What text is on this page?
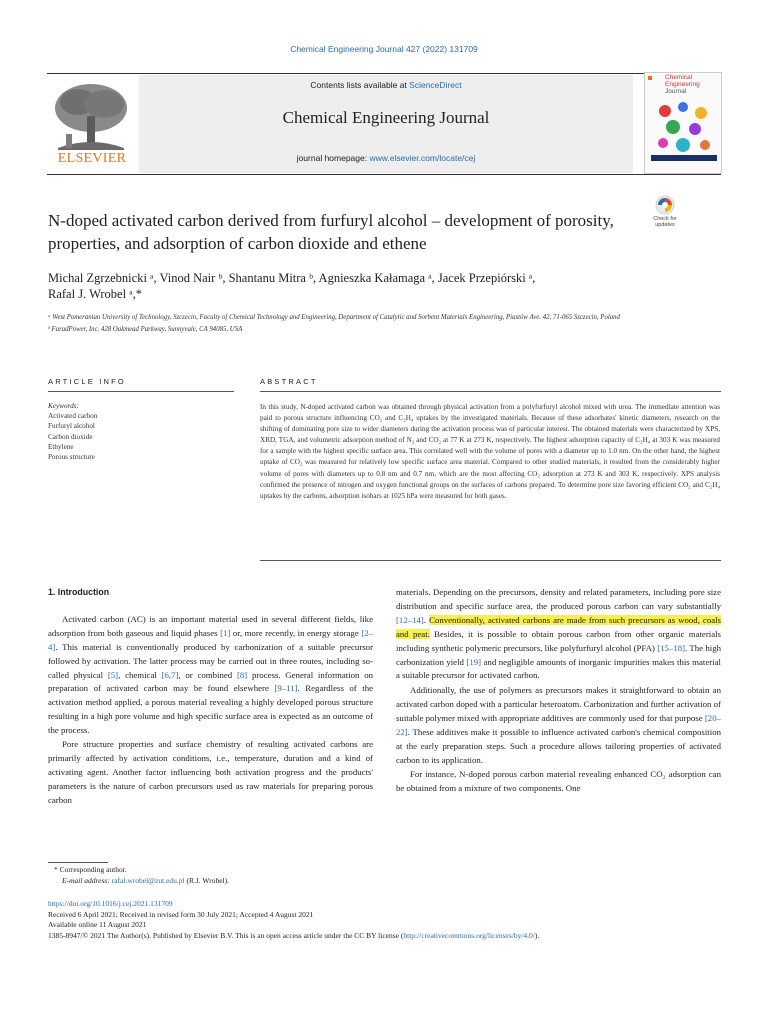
Chemical Engineering Journal 427 (2022) 131709
ELSEVIER
Contents lists available at ScienceDirect
Chemical Engineering Journal
journal homepage: www.elsevier.com/locate/cej
Chemical
Engineering
Journal
N-doped activated carbon derived from furfuryl alcohol – development of porosity, properties, and adsorption of carbon dioxide and ethene
Check for
updates
Michal Zgrzebnicki ᵃ, Vinod Nair ᵇ, Shantanu Mitra ᵇ, Agnieszka Kałamaga ᵃ, Jacek Przepiórski ᵃ,
Rafal J. Wrobel ᵃ,*
ᵃ West Pomeranian University of Technology, Szczecin, Faculty of Chemical Technology and Engineering, Department of Catalytic and Sorbent Materials Engineering, Piastów Ave. 42, 71-065 Szczecin, Poland
ᵇ FaradPower, Inc. 428 Oakmead Parkway, Sunnyvale, CA 94085, USA
ARTICLE INFO	ABSTRACT
Keywords:
Activated carbon
Furfuryl alcohol
Carbon dioxide
Ethylene
Porous structure
In this study, N-doped activated carbon was obtained through physical activation from a polyfurfuryl alcohol mixed with urea. The immediate attention was paid to porous structure influencing CO₂ and C₂H₄ uptakes by the investigated materials. Because of these adsorbates' kinetic diameters, research on the shifting of dominating pore size to wider diameters during the activation process was of particular interest. The obtained materials were characterized by XPS, XRD, TGA, and volumetric adsorption method of N₂ and CO₂ at 77 K at 273 K, respectively. The highest adsorption capacity of C₂H₄ at 303 K was measured for a sample with the highest specific surface area. This correlated well with the volume of pores with a diameter up to 1.0 nm. On the other hand, the highest uptake of CO₂ was measured for relatively low specific surface area material. Compared to other studied materials, it resulted from the considerably higher volume of pores with diameters up to 0.8 nm and 0.7 nm, which are the most affecting CO₂ adsorption at 273 K and 303 K, respectively. XPS analysis confirmed the presence of nitrogen and oxygen functional groups on the surfaces of carbons prepared. To determine pore size favoring efficient CO₂ and C₂H₄ uptakes by the carbons, adsorption isobars at 1025 hPa were measured for both gases.
1. Introduction

Activated carbon (AC) is an important material used in several different fields, like adsorption from both gaseous and liquid phases [1] or, more recently, in energy storage [2–4]. This material is conventionally produced by carbonization of a suitable precursor followed by activation. The latter process may be carried out in three routes, including so-called physical [5], chemical [6,7], or combined [8] process. General information on preparation of activated carbon may be found elsewhere [9–11]. Regardless of the activation method applied, a porous material revealing a highly developed porous structure resulting in a high pore volume and high specific surface area is expected as an outcome of the process.

Pore structure properties and surface chemistry of resulting activated carbons are primarily affected by activation conditions, i.e., temperature, duration and a kind of activating agent. Another factor influencing both activation progress and the products' parameters is the nature of carbon precursors used as raw materials for preparing porous carbon

materials. Depending on the precursors, density and related parameters, including pore size distribution and specific surface area, the produced porous carbon can vary substantially [12–14]. Conventionally, activated carbons are made from such precursors as wood, coals and peat. Besides, it is possible to obtain porous carbon from other organic materials including synthetic polymeric precursors, like polyfurfuryl alcohol (PFA) [15–18]. The high carbonization yield [19] and negligible amounts of inorganic impurities makes this material a suitable precursor for activated carbon.

Additionally, the use of polymers as precursors makes it straightforward to obtain an activated carbon doped with a particular heteroatom. Carbonization and further activation of suitable polymer mixed with appropriate additives are commonly used for that purpose [20–22]. These additives make it possible to influence activated carbon's chemical composition at the early preparation steps. Such a procedure allows tailoring properties of activated carbon to its application.

For instance, N-doped porous carbon material revealing enhanced CO₂ adsorption can be obtained from a mixture of two components. One

* Corresponding author.
E-mail address: rafal.wrobel@zut.edu.pl (R.J. Wrobel).
https://doi.org/10.1016/j.cej.2021.131709
Received 6 April 2021; Received in revised form 30 July 2021; Accepted 4 August 2021
Available online 11 August 2021
1385-8947/© 2021 The Author(s). Published by Elsevier B.V. This is an open access article under the CC BY license (http://creativecommons.org/licenses/by/4.0/).
